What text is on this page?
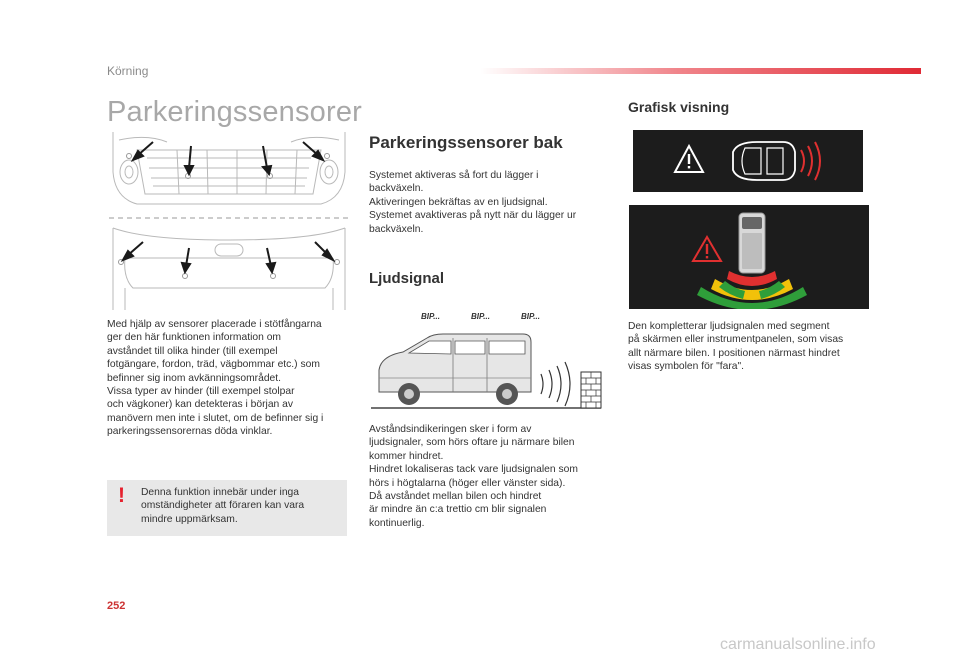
Körning
Parkeringssensorer
Med hjälp av sensorer placerade i stötfångarna
ger den här funktionen information om
avståndet till olika hinder (till exempel
fotgängare, fordon, träd, vägbommar etc.) som
befinner sig inom avkänningsområdet.
Vissa typer av hinder (till exempel stolpar
och vägkoner) kan detekteras i början av
manövern men inte i slutet, om de befinner sig i
parkeringssensorernas döda vinklar.
! Denna funktion innebär under inga
omständigheter att föraren kan vara
mindre uppmärksam.
Parkeringssensorer bak
Systemet aktiveras så fort du lägger i
backväxeln.
Aktiveringen bekräftas av en ljudsignal.
Systemet avaktiveras på nytt när du lägger ur
backväxeln.
Ljudsignal
BIP...	BIP...	BIP...
Avståndsindikeringen sker i form av
ljudsignaler, som hörs oftare ju närmare bilen
kommer hindret.
Hindret lokaliseras tack vare ljudsignalen som
hörs i högtalarna (höger eller vänster sida).
Då avståndet mellan bilen och hindret
är mindre än c:a trettio cm blir signalen
kontinuerlig.
Grafisk visning
Den kompletterar ljudsignalen med segment
på skärmen eller instrumentpanelen, som visas
allt närmare bilen. I positionen närmast hindret
visas symbolen för "fara".
252
carmanualsonline.info
